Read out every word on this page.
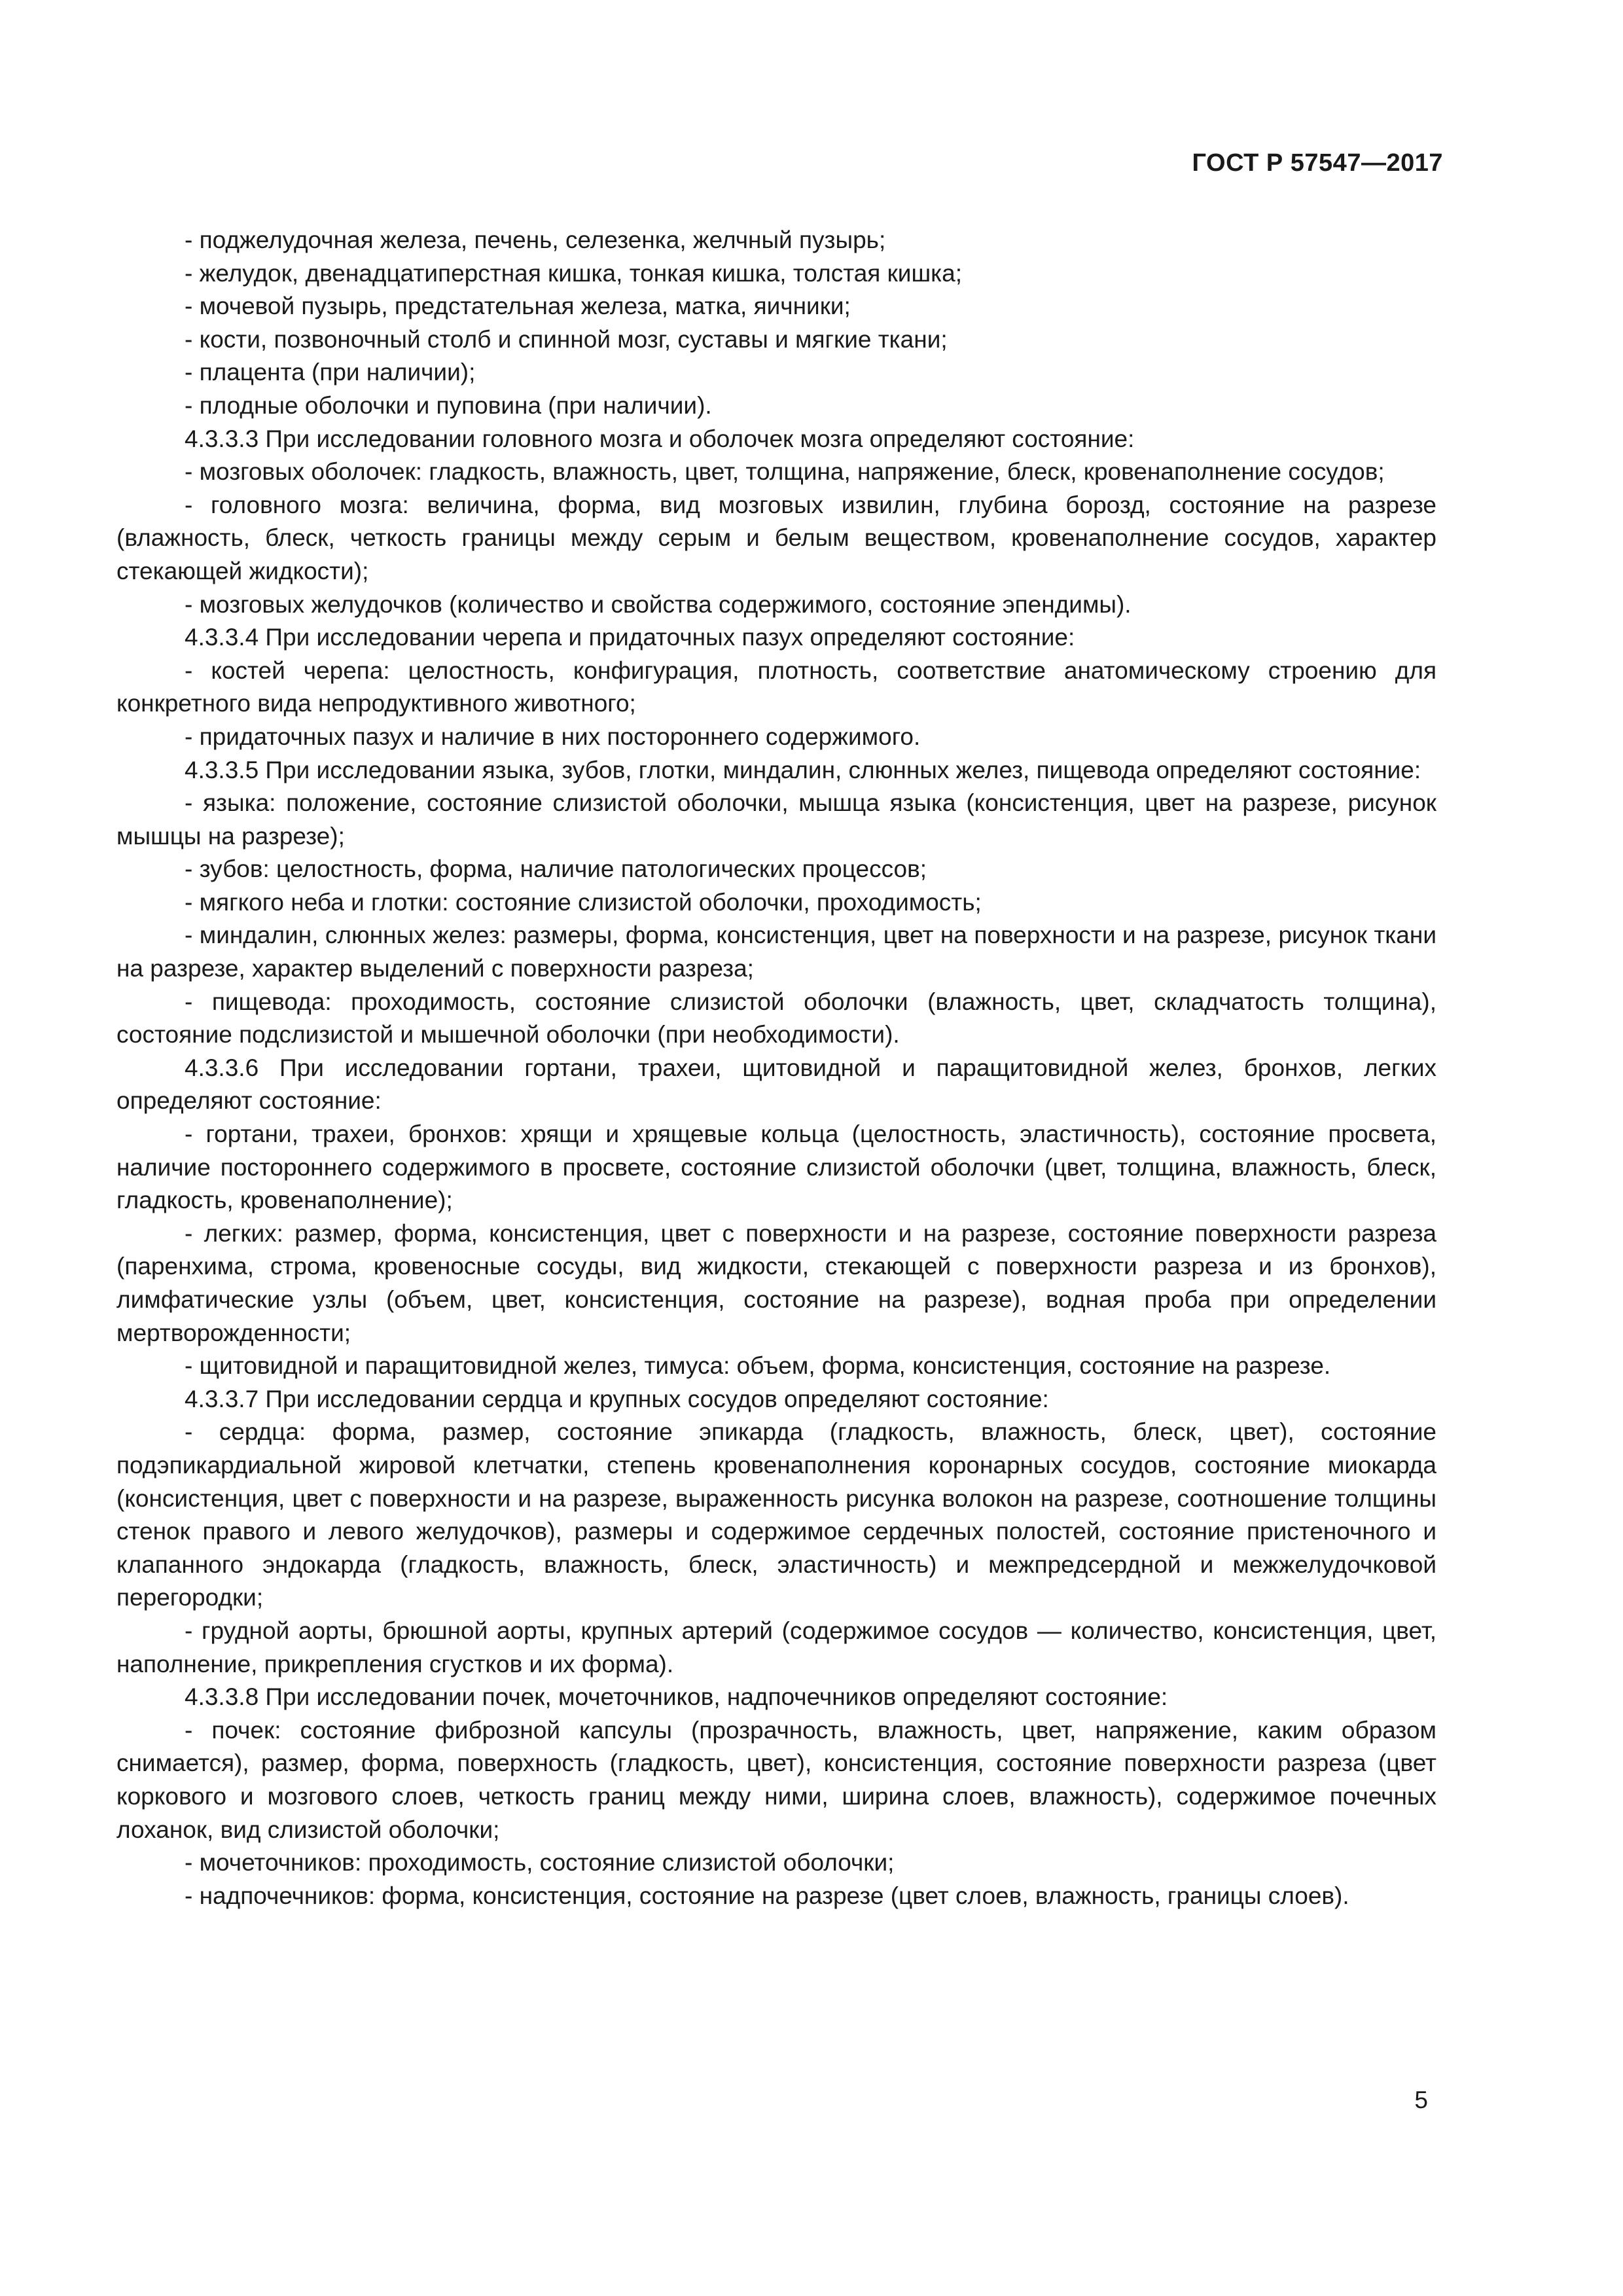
ГОСТ Р 57547—2017

- поджелудочная железа, печень, селезенка, желчный пузырь;

- желудок, двенадцатиперстная кишка, тонкая кишка, толстая кишка;

- мочевой пузырь, предстательная железа, матка, яичники;

- кости, позвоночный столб и спинной мозг, суставы и мягкие ткани;

- плацента (при наличии);

- плодные оболочки и пуповина (при наличии).

4.3.3.3 При исследовании головного мозга и оболочек мозга определяют состояние:

- мозговых оболочек: гладкость, влажность, цвет, толщина, напряжение, блеск, кровенаполнение сосудов;

- головного мозга: величина, форма, вид мозговых извилин, глубина борозд, состояние на разрезе (влажность, блеск, четкость границы между серым и белым веществом, кровенаполнение сосудов, характер стекающей жидкости);

- мозговых желудочков (количество и свойства содержимого, состояние эпендимы).

4.3.3.4 При исследовании черепа и придаточных пазух определяют состояние:

- костей черепа: целостность, конфигурация, плотность, соответствие анатомическому строению для конкретного вида непродуктивного животного;

- придаточных пазух и наличие в них постороннего содержимого.

4.3.3.5 При исследовании языка, зубов, глотки, миндалин, слюнных желез, пищевода определяют состояние:

- языка: положение, состояние слизистой оболочки, мышца языка (консистенция, цвет на разрезе, рисунок мышцы на разрезе);

- зубов: целостность, форма, наличие патологических процессов;

- мягкого неба и глотки: состояние слизистой оболочки, проходимость;

- миндалин, слюнных желез: размеры, форма, консистенция, цвет на поверхности и на разрезе, рисунок ткани на разрезе, характер выделений с поверхности разреза;

- пищевода: проходимость, состояние слизистой оболочки (влажность, цвет, складчатость толщина), состояние подслизистой и мышечной оболочки (при необходимости).

4.3.3.6 При исследовании гортани, трахеи, щитовидной и паращитовидной желез, бронхов, легких определяют состояние:

- гортани, трахеи, бронхов: хрящи и хрящевые кольца (целостность, эластичность), состояние просвета, наличие постороннего содержимого в просвете, состояние слизистой оболочки (цвет, толщина, влажность, блеск, гладкость, кровенаполнение);

- легких: размер, форма, консистенция, цвет с поверхности и на разрезе, состояние поверхности разреза (паренхима, строма, кровеносные сосуды, вид жидкости, стекающей с поверхности разреза и из бронхов), лимфатические узлы (объем, цвет, консистенция, состояние на разрезе), водная проба при определении мертворожденности;

- щитовидной и паращитовидной желез, тимуса: объем, форма, консистенция, состояние на разрезе.

4.3.3.7 При исследовании сердца и крупных сосудов определяют состояние:

- сердца: форма, размер, состояние эпикарда (гладкость, влажность, блеск, цвет), состояние подэпикардиальной жировой клетчатки, степень кровенаполнения коронарных сосудов, состояние миокарда (консистенция, цвет с поверхности и на разрезе, выраженность рисунка волокон на разрезе, соотношение толщины стенок правого и левого желудочков), размеры и содержимое сердечных полостей, состояние пристеночного и клапанного эндокарда (гладкость, влажность, блеск, эластичность) и межпредсердной и межжелудочковой перегородки;

- грудной аорты, брюшной аорты, крупных артерий (содержимое сосудов — количество, консистенция, цвет, наполнение, прикрепления сгустков и их форма).

4.3.3.8 При исследовании почек, мочеточников, надпочечников определяют состояние:

- почек: состояние фиброзной капсулы (прозрачность, влажность, цвет, напряжение, каким образом снимается), размер, форма, поверхность (гладкость, цвет), консистенция, состояние поверхности разреза (цвет коркового и мозгового слоев, четкость границ между ними, ширина слоев, влажность), содержимое почечных лоханок, вид слизистой оболочки;

- мочеточников: проходимость, состояние слизистой оболочки;

- надпочечников: форма, консистенция, состояние на разрезе (цвет слоев, влажность, границы слоев).

5
